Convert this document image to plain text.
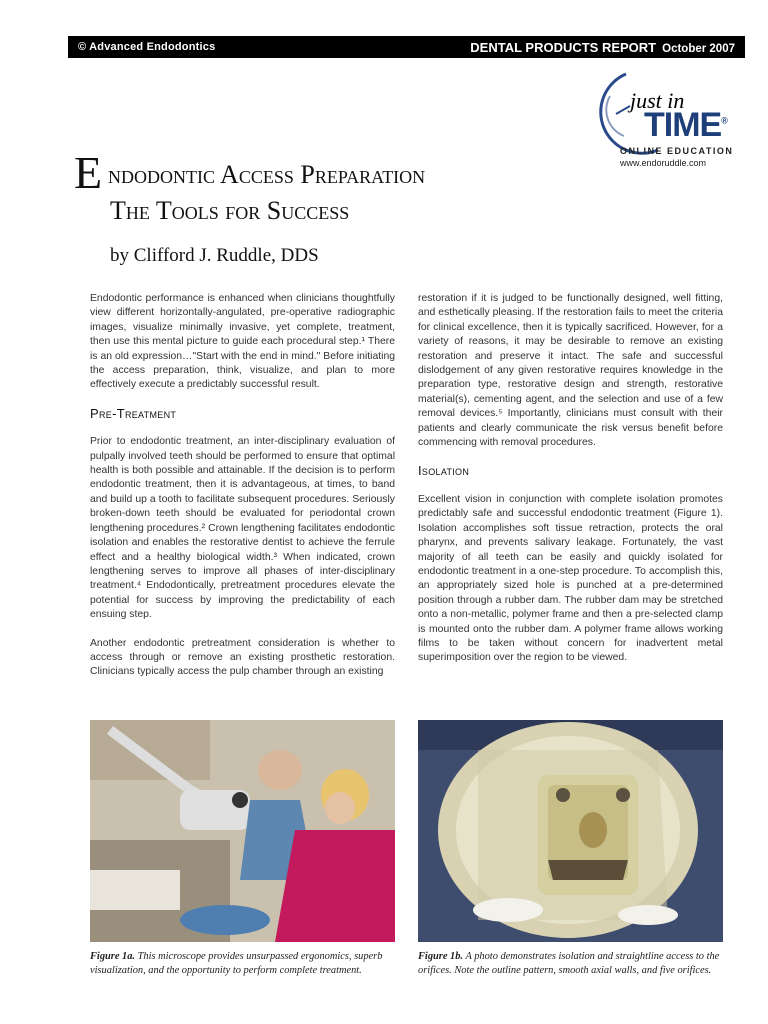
© Advanced Endodontics	DENTAL PRODUCTS REPORT October 2007
just in
TIME®
ONLINE EDUCATION
www.endoruddle.com
E ndodontic Access Preparation
The Tools for Success
by Clifford J. Ruddle, DDS

Endodontic performance is enhanced when clinicians thoughtfully view different horizontally-angulated, pre-operative radiographic images, visualize minimally invasive, yet complete, treatment, then use this mental picture to guide each procedural step.¹ There is an old expression…"Start with the end in mind." Before initiating the access preparation, think, visualize, and plan to more effectively execute a predictably successful result.

Pre-Treatment

Prior to endodontic treatment, an inter-disciplinary evaluation of pulpally involved teeth should be performed to ensure that optimal health is both possible and attainable. If the decision is to perform endodontic treatment, then it is advantageous, at times, to band and build up a tooth to facilitate subsequent procedures. Seriously broken-down teeth should be evaluated for periodontal crown lengthening procedures.² Crown lengthening facilitates endodontic isolation and enables the restorative dentist to achieve the ferrule effect and a healthy biological width.³ When indicated, crown lengthening serves to improve all phases of inter-disciplinary treatment.⁴ Endodontically, pretreatment procedures elevate the potential for success by improving the predictability of each ensuing step.

Another endodontic pretreatment consideration is whether to access through or remove an existing prosthetic restoration. Clinicians typically access the pulp chamber through an existing

restoration if it is judged to be functionally designed, well fitting, and esthetically pleasing. If the restoration fails to meet the criteria for clinical excellence, then it is typically sacrificed. However, for a variety of reasons, it may be desirable to remove an existing restoration and preserve it intact. The safe and successful dislodgement of any given restorative requires knowledge in the preparation type, restorative design and strength, restorative material(s), cementing agent, and the selection and use of a few removal devices.⁵ Importantly, clinicians must consult with their patients and clearly communicate the risk versus benefit before commencing with removal procedures.

Isolation

Excellent vision in conjunction with complete isolation promotes predictably safe and successful endodontic treatment (Figure 1). Isolation accomplishes soft tissue retraction, protects the oral pharynx, and prevents salivary leakage. Fortunately, the vast majority of all teeth can be easily and quickly isolated for endodontic treatment in a one-step procedure. To accomplish this, an appropriately sized hole is punched at a pre-determined position through a rubber dam. The rubber dam may be stretched onto a non-metallic, polymer frame and then a pre-selected clamp is mounted onto the rubber dam. A polymer frame allows working films to be taken without concern for inadvertent metal superimposition over the region to be viewed.

Figure 1a. This microscope provides unsurpassed ergonomics, superb visualization, and the opportunity to perform complete treatment.
Figure 1b. A photo demonstrates isolation and straightline access to the orifices. Note the outline pattern, smooth axial walls, and five orifices.
